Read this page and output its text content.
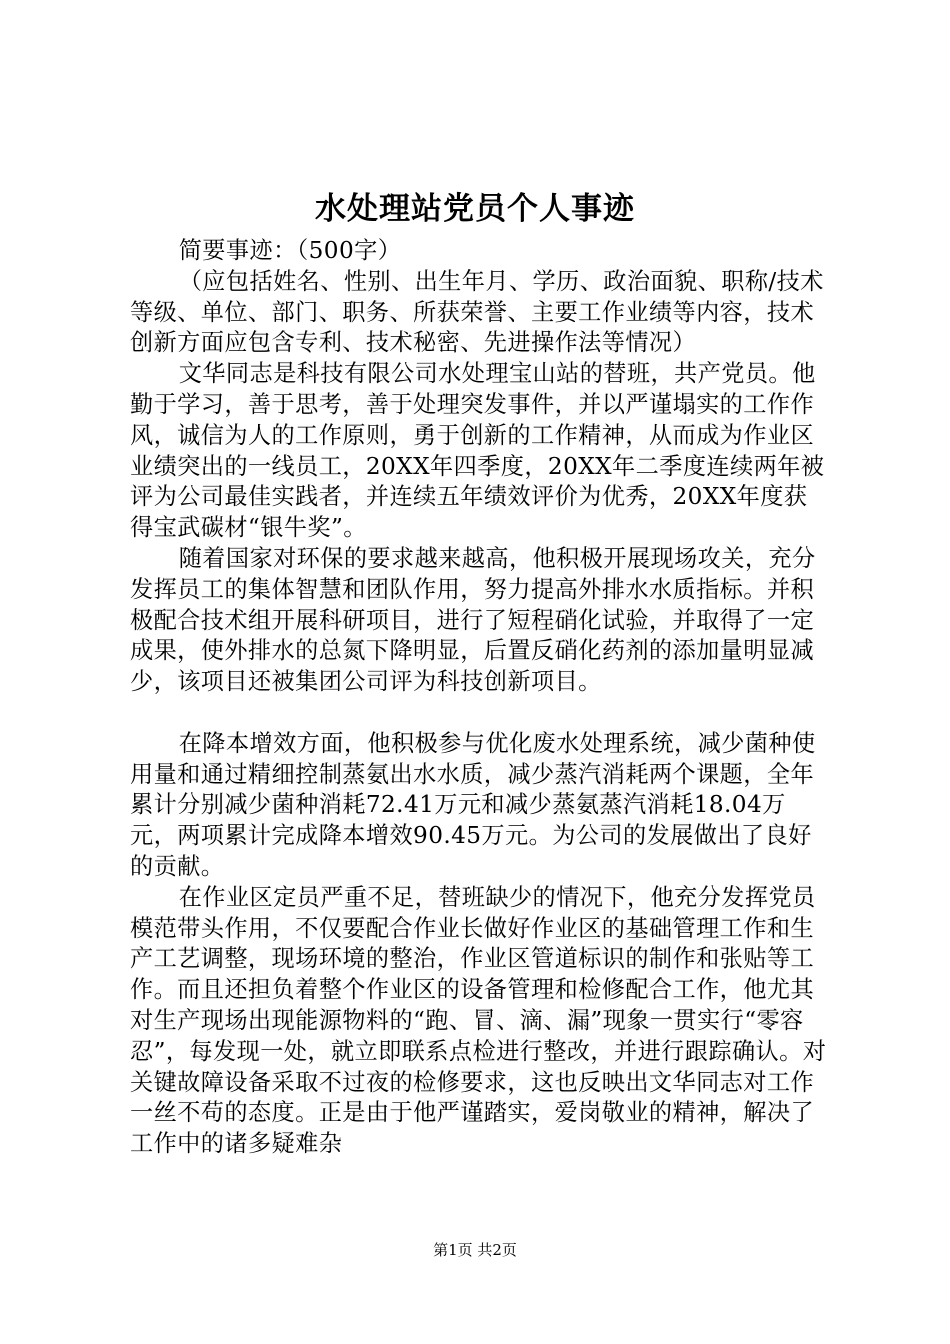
水处理站党员个人事迹

简要事迹：（500字）

（应包括姓名、性别、出生年月、学历、政治面貌、职称/技术等级、单位、部门、职务、所获荣誉、主要工作业绩等内容，技术创新方面应包含专利、技术秘密、先进操作法等情况）

文华同志是科技有限公司水处理宝山站的替班，共产党员。他勤于学习，善于思考，善于处理突发事件，并以严谨塌实的工作作风，诚信为人的工作原则，勇于创新的工作精神，从而成为作业区业绩突出的一线员工，20XX年四季度，20XX年二季度连续两年被评为公司最佳实践者，并连续五年绩效评价为优秀，20XX年度获得宝武碳材“银牛奖”。

随着国家对环保的要求越来越高，他积极开展现场攻关，充分发挥员工的集体智慧和团队作用，努力提高外排水水质指标。并积极配合技术组开展科研项目，进行了短程硝化试验，并取得了一定成果，使外排水的总氮下降明显，后置反硝化药剂的添加量明显减少，该项目还被集团公司评为科技创新项目。

在降本增效方面，他积极参与优化废水处理系统，减少菌种使用量和通过精细控制蒸氨出水水质，减少蒸汽消耗两个课题，全年累计分别减少菌种消耗72.41万元和减少蒸氨蒸汽消耗18.04万元，两项累计完成降本增效90.45万元。为公司的发展做出了良好的贡献。

在作业区定员严重不足，替班缺少的情况下，他充分发挥党员模范带头作用，不仅要配合作业长做好作业区的基础管理工作和生产工艺调整，现场环境的整治，作业区管道标识的制作和张贴等工作。而且还担负着整个作业区的设备管理和检修配合工作，他尤其对生产现场出现能源物料的“跑、冒、滴、漏”现象一贯实行“零容忍”，每发现一处，就立即联系点检进行整改，并进行跟踪确认。对关键故障设备采取不过夜的检修要求，这也反映出文华同志对工作一丝不苟的态度。正是由于他严谨踏实，爱岗敬业的精神，解决了工作中的诸多疑难杂

第1页 共2页
